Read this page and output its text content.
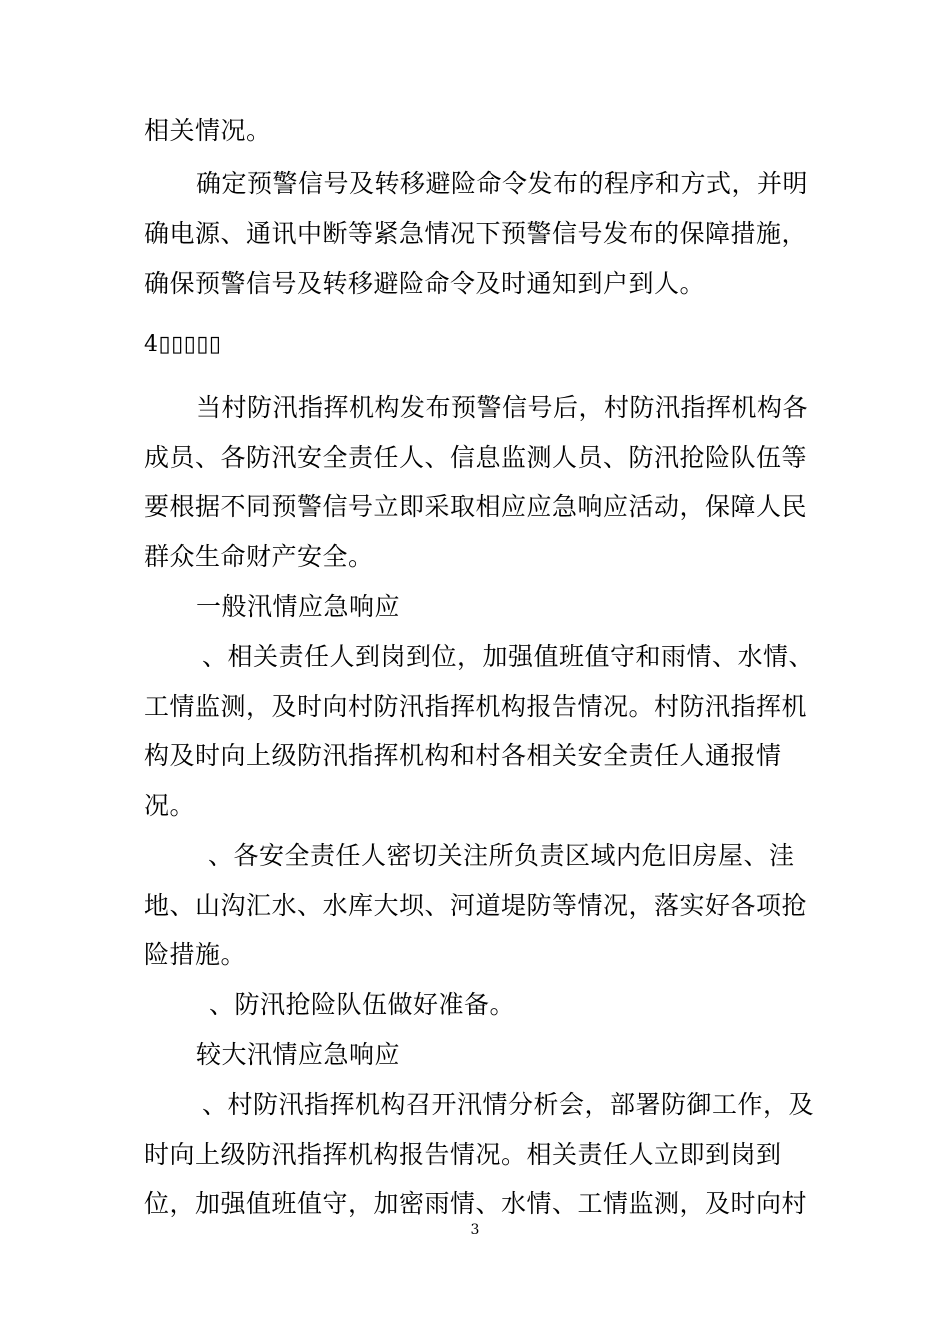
相关情况。
确定预警信号及转移避险命令发布的程序和方式，并明
确电源、通讯中断等紧急情况下预警信号发布的保障措施，
确保预警信号及转移避险命令及时通知到户到人。
4▯▯▯▯▯
当村防汛指挥机构发布预警信号后，村防汛指挥机构各
成员、各防汛安全责任人、信息监测人员、防汛抢险队伍等
要根据不同预警信号立即采取相应应急响应活动，保障人民
群众生命财产安全。
一般汛情应急响应
、相关责任人到岗到位，加强值班值守和雨情、水情、
工情监测，及时向村防汛指挥机构报告情况。村防汛指挥机
构及时向上级防汛指挥机构和村各相关安全责任人通报情
况。
、各安全责任人密切关注所负责区域内危旧房屋、洼
地、山沟汇水、水库大坝、河道堤防等情况，落实好各项抢
险措施。
、防汛抢险队伍做好准备。
较大汛情应急响应
、村防汛指挥机构召开汛情分析会，部署防御工作，及
时向上级防汛指挥机构报告情况。相关责任人立即到岗到
位，加强值班值守，加密雨情、水情、工情监测，及时向村
3
